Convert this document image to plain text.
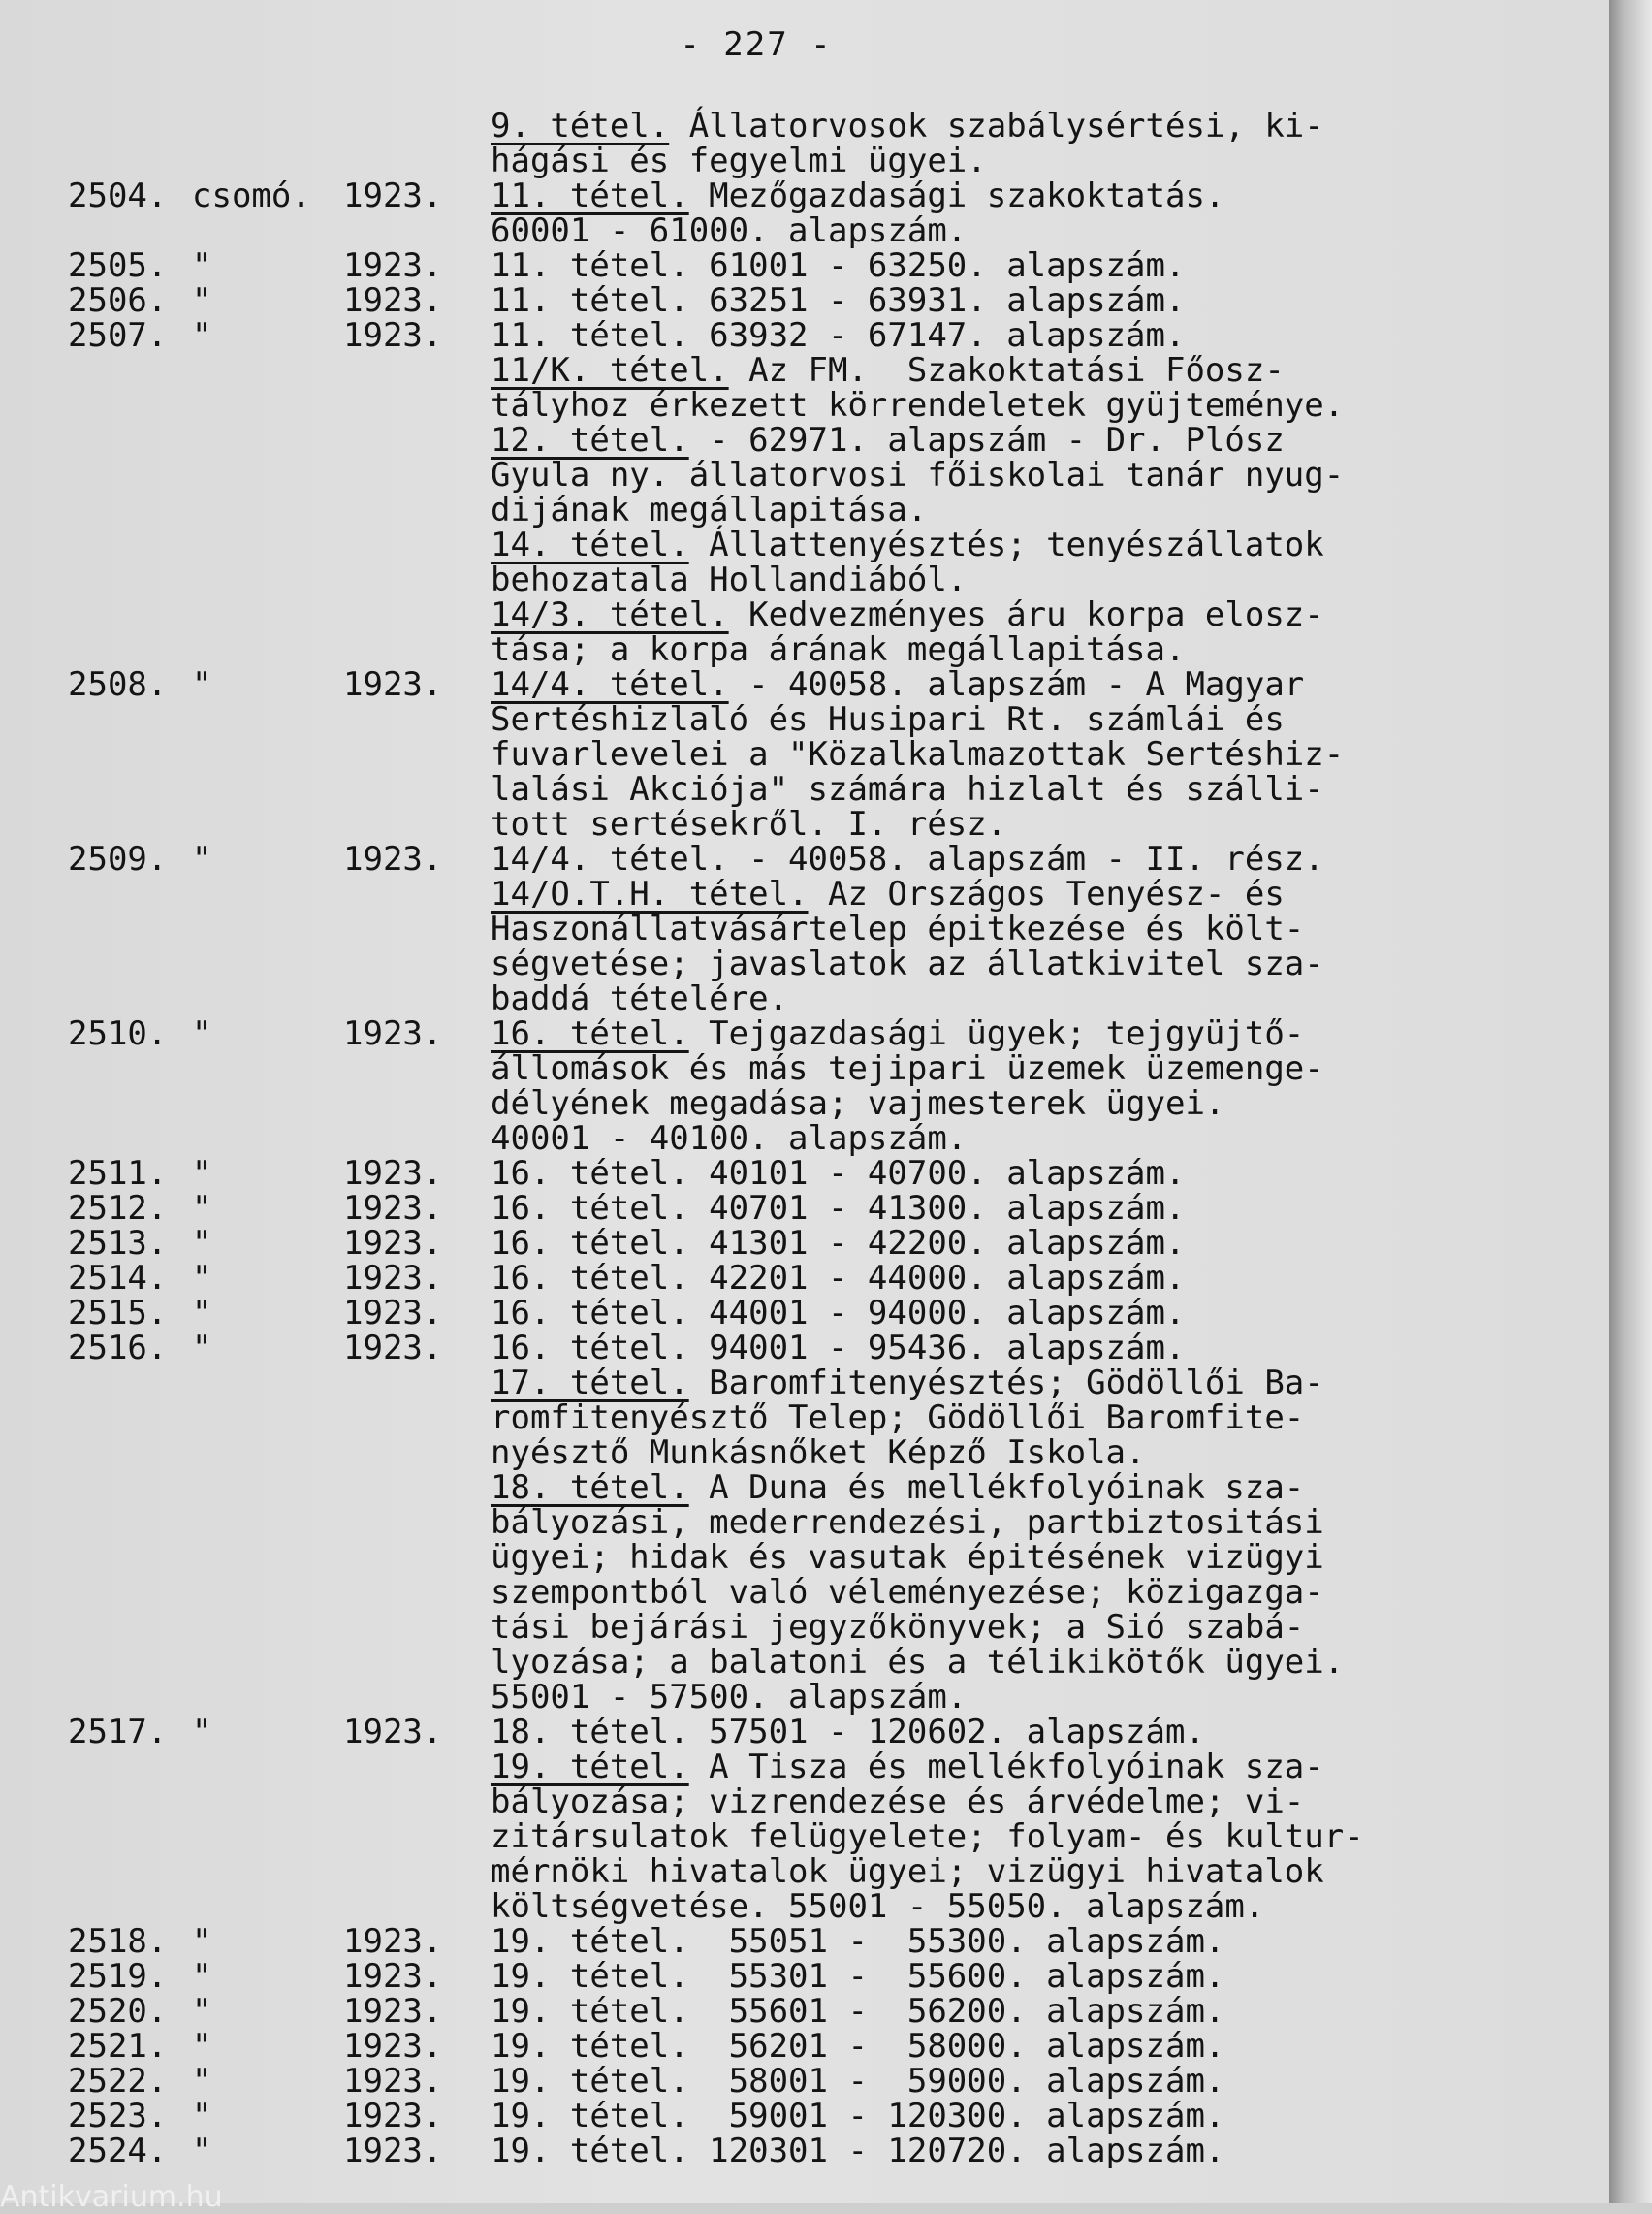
- 227 -
9. tétel. Állatorvosok szabálysértési, ki-
hágási és fegyelmi ügyei.
2504. csomó. 1923. 11. tétel. Mezőgazdasági szakoktatás.
60001 - 61000. alapszám.
2505. "	1923. 11. tétel. 61001 - 63250. alapszám.
2506. "	1923. 11. tétel. 63251 - 63931. alapszám.
2507. "	1923. 11. tétel. 63932 - 67147. alapszám.
11/K. tétel. Az FM.  Szakoktatási Főosz-
tályhoz érkezett körrendeletek gyüjteménye.
12. tétel. - 62971. alapszám - Dr. Plósz
Gyula ny. állatorvosi főiskolai tanár nyug-
dijának megállapitása.
14. tétel. Állattenyésztés; tenyészállatok
behozatala Hollandiából.
14/3. tétel. Kedvezményes áru korpa elosz-
tása; a korpa árának megállapitása.
2508. "	1923. 14/4. tétel. - 40058. alapszám - A Magyar
Sertéshizlaló és Husipari Rt. számlái és
fuvarlevelei a "Közalkalmazottak Sertéshiz-
lalási Akciója" számára hizlalt és szálli-
tott sertésekről. I. rész.
2509. "	1923. 14/4. tétel. - 40058. alapszám - II. rész.
14/O.T.H. tétel. Az Országos Tenyész- és
Haszonállatvásártelep épitkezése és költ-
ségvetése; javaslatok az állatkivitel sza-
baddá tételére.
2510. "	1923. 16. tétel. Tejgazdasági ügyek; tejgyüjtő-
állomások és más tejipari üzemek üzemenge-
délyének megadása; vajmesterek ügyei.
40001 - 40100. alapszám.
2511. "	1923. 16. tétel. 40101 - 40700. alapszám.
2512. "	1923. 16. tétel. 40701 - 41300. alapszám.
2513. "	1923. 16. tétel. 41301 - 42200. alapszám.
2514. "	1923. 16. tétel. 42201 - 44000. alapszám.
2515. "	1923. 16. tétel. 44001 - 94000. alapszám.
2516. "	1923. 16. tétel. 94001 - 95436. alapszám.
17. tétel. Baromfitenyésztés; Gödöllői Ba-
romfitenyésztő Telep; Gödöllői Baromfite-
nyésztő Munkásnőket Képző Iskola.
18. tétel. A Duna és mellékfolyóinak sza-
bályozási, mederrendezési, partbiztositási
ügyei; hidak és vasutak épitésének vizügyi
szempontból való véleményezése; közigazga-
tási bejárási jegyzőkönyvek; a Sió szabá-
lyozása; a balatoni és a télikikötők ügyei.
55001 - 57500. alapszám.
2517. "	1923. 18. tétel. 57501 - 120602. alapszám.
19. tétel. A Tisza és mellékfolyóinak sza-
bályozása; vizrendezése és árvédelme; vi-
zitársulatok felügyelete; folyam- és kultur-
mérnöki hivatalok ügyei; vizügyi hivatalok
költségvetése. 55001 - 55050. alapszám.
2518. "	1923. 19. tétel.  55051 -  55300. alapszám.
2519. "	1923. 19. tétel.  55301 -  55600. alapszám.
2520. "	1923. 19. tétel.  55601 -  56200. alapszám.
2521. "	1923. 19. tétel.  56201 -  58000. alapszám.
2522. "	1923. 19. tétel.  58001 -  59000. alapszám.
2523. "	1923. 19. tétel.  59001 - 120300. alapszám.
2524. "	1923. 19. tétel. 120301 - 120720. alapszám.
Antikvarium.hu
